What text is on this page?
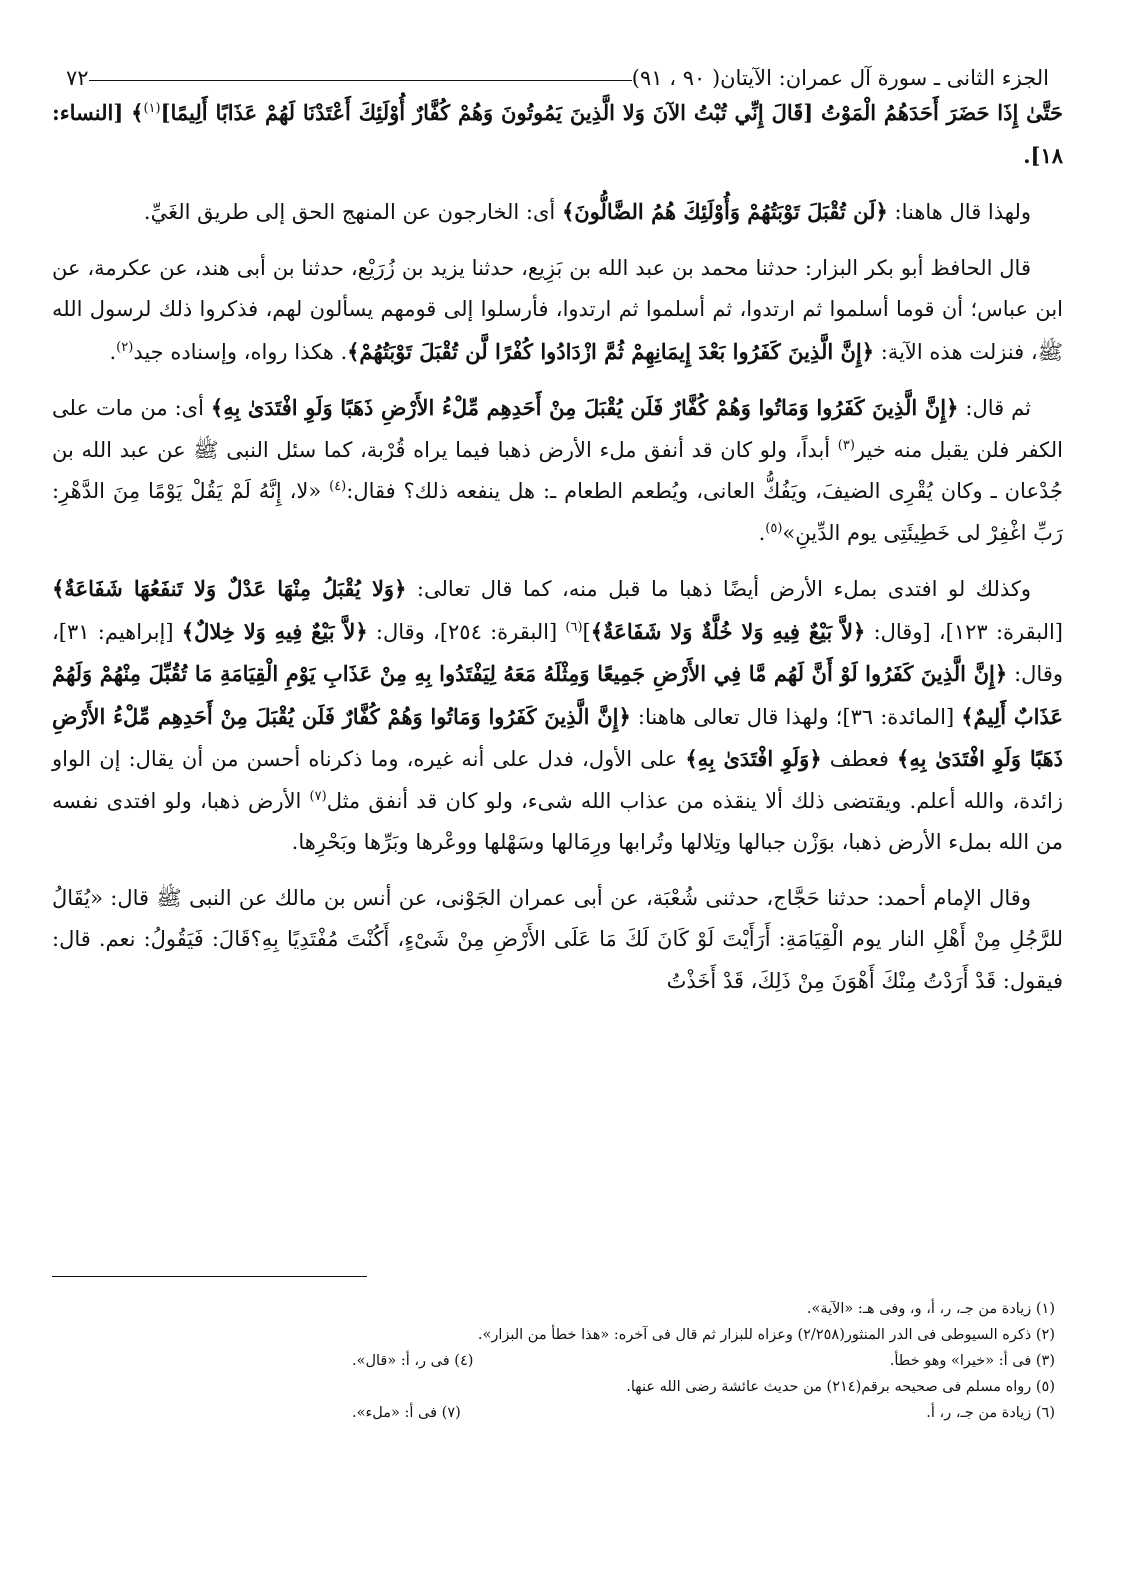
الجزء الثانى ـ سورة آل عمران: الآيتان( ٩٠ ، ٩١)
٧٢

حَتَّىٰ إِذَا حَضَرَ أَحَدَهُمُ الْمَوْتُ [قَالَ إِنِّي تُبْتُ الآنَ وَلا الَّذِينَ يَمُوتُونَ وَهُمْ كُفَّارٌ أُوْلَئِكَ أَعْتَدْنَا لَهُمْ عَذَابًا أَلِيمًا]$^{(١)}$﴾ [النساء: ١٨].

ولهذا قال هاهنا: ﴿لَن تُقْبَلَ تَوْبَتُهُمْ وَأُوْلَئِكَ هُمُ الضَّالُّونَ﴾ أى: الخارجون عن المنهج الحق إلى طريق الغَيِّ.

قال الحافظ أبو بكر البزار: حدثنا محمد بن عبد الله بن بَزِيع، حدثنا يزيد بن زُرَيْع، حدثنا بن أبى هند، عن عكرمة، عن ابن عباس؛ أن قوما أسلموا ثم ارتدوا، ثم أسلموا ثم ارتدوا، فأرسلوا إلى قومهم يسألون لهم، فذكروا ذلك لرسول الله ﷺ، فنزلت هذه الآية: ﴿إِنَّ الَّذِينَ كَفَرُوا بَعْدَ إِيمَانِهِمْ ثُمَّ ازْدَادُوا كُفْرًا لَّن تُقْبَلَ تَوْبَتُهُمْ﴾. هكذا رواه، وإسناده جيد$^{(٢)}$.

ثم قال: ﴿إِنَّ الَّذِينَ كَفَرُوا وَمَاتُوا وَهُمْ كُفَّارٌ فَلَن يُقْبَلَ مِنْ أَحَدِهِم مِّلْءُ الأَرْضِ ذَهَبًا وَلَوِ افْتَدَىٰ بِهِ﴾ أى: من مات على الكفر فلن يقبل منه خير$^{(٣)}$ أبداً، ولو كان قد أنفق ملء الأرض ذهبا فيما يراه قُرْبة، كما سئل النبى ﷺ عن عبد الله بن جُدْعان ـ وكان يُقْرِى الضيفَ، ويَفُكُّ العانى، ويُطعم الطعام ـ: هل ينفعه ذلك؟ فقال:$^{(٤)}$ «لا، إِنَّهُ لَمْ يَقُلْ يَوْمًا مِنَ الدَّهْرِ: رَبِّ اغْفِرْ لى خَطِيئَتِى يوم الدِّينِ»$^{(٥)}$.

وكذلك لو افتدى بملء الأرض أيضًا ذهبا ما قبل منه، كما قال تعالى: ﴿وَلا يُقْبَلُ مِنْهَا عَدْلٌ وَلا تَنفَعُهَا شَفَاعَةٌ﴾ [البقرة: ١٢٣]، [وقال: ﴿لاَّ بَيْعٌ فِيهِ وَلا خُلَّةٌ وَلا شَفَاعَةٌ﴾]$^{(٦)}$ [البقرة: ٢٥٤]، وقال: ﴿لاَّ بَيْعٌ فِيهِ وَلا خِلالٌ﴾ [إبراهيم: ٣١]، وقال: ﴿إِنَّ الَّذِينَ كَفَرُوا لَوْ أَنَّ لَهُم مَّا فِي الأَرْضِ جَمِيعًا وَمِثْلَهُ مَعَهُ لِيَفْتَدُوا بِهِ مِنْ عَذَابِ يَوْمِ الْقِيَامَةِ مَا تُقُبِّلَ مِنْهُمْ وَلَهُمْ عَذَابٌ أَلِيمٌ﴾ [المائدة: ٣٦]؛ ولهذا قال تعالى هاهنا: ﴿إِنَّ الَّذِينَ كَفَرُوا وَمَاتُوا وَهُمْ كُفَّارٌ فَلَن يُقْبَلَ مِنْ أَحَدِهِم مِّلْءُ الأَرْضِ ذَهَبًا وَلَوِ افْتَدَىٰ بِهِ﴾ فعطف ﴿وَلَوِ افْتَدَىٰ بِهِ﴾ على الأول، فدل على أنه غيره، وما ذكرناه أحسن من أن يقال: إن الواو زائدة، والله أعلم. ويقتضى ذلك ألا ينقذه من عذاب الله شىء، ولو كان قد أنفق مثل$^{(٧)}$ الأرض ذهبا، ولو افتدى نفسه من الله بملء الأرض ذهبا، بوَزْن جبالها وتِلالها وتُرابها ورِمَالها وسَهْلها ووعْرها وبَرِّها وبَحْرِها.

وقال الإمام أحمد: حدثنا حَجَّاج، حدثنى شُعْبَة، عن أبى عمران الجَوْنى، عن أنس بن مالك عن النبى ﷺ قال: «يُقَالُ للرَّجُلِ مِنْ أَهْلِ النار يوم الْقِيَامَةِ: أَرَأَيْتَ لَوْ كَانَ لَكَ مَا عَلَى الأَرْضِ مِنْ شَىْءٍ، أَكُنْتَ مُفْتَدِيًا بِهِ؟قَالَ: فَيَقُولُ: نعم. قال: فيقول: قَدْ أَرَدْتُ مِنْكَ أَهْوَنَ مِنْ ذَلِكَ، قَدْ أَخَذْتُ

(١) زيادة من جـ، ر، أ، و، وفى هـ: «الآية».

(٢) ذكره السيوطى فى الدر المنثور(٢/٢٥٨) وعزاه للبزار ثم قال فى آخره: «هذا خطأ من البزار».

(٣) فى أ: «خيرا» وهو خطأ.
(٤) فى ر، أ: «قال».

(٥) رواه مسلم فى صحيحه برقم(٢١٤) من حديث عائشة رضى الله عنها.

(٦) زيادة من جـ، ر، أ.
(٧) فى أ: «ملء».
